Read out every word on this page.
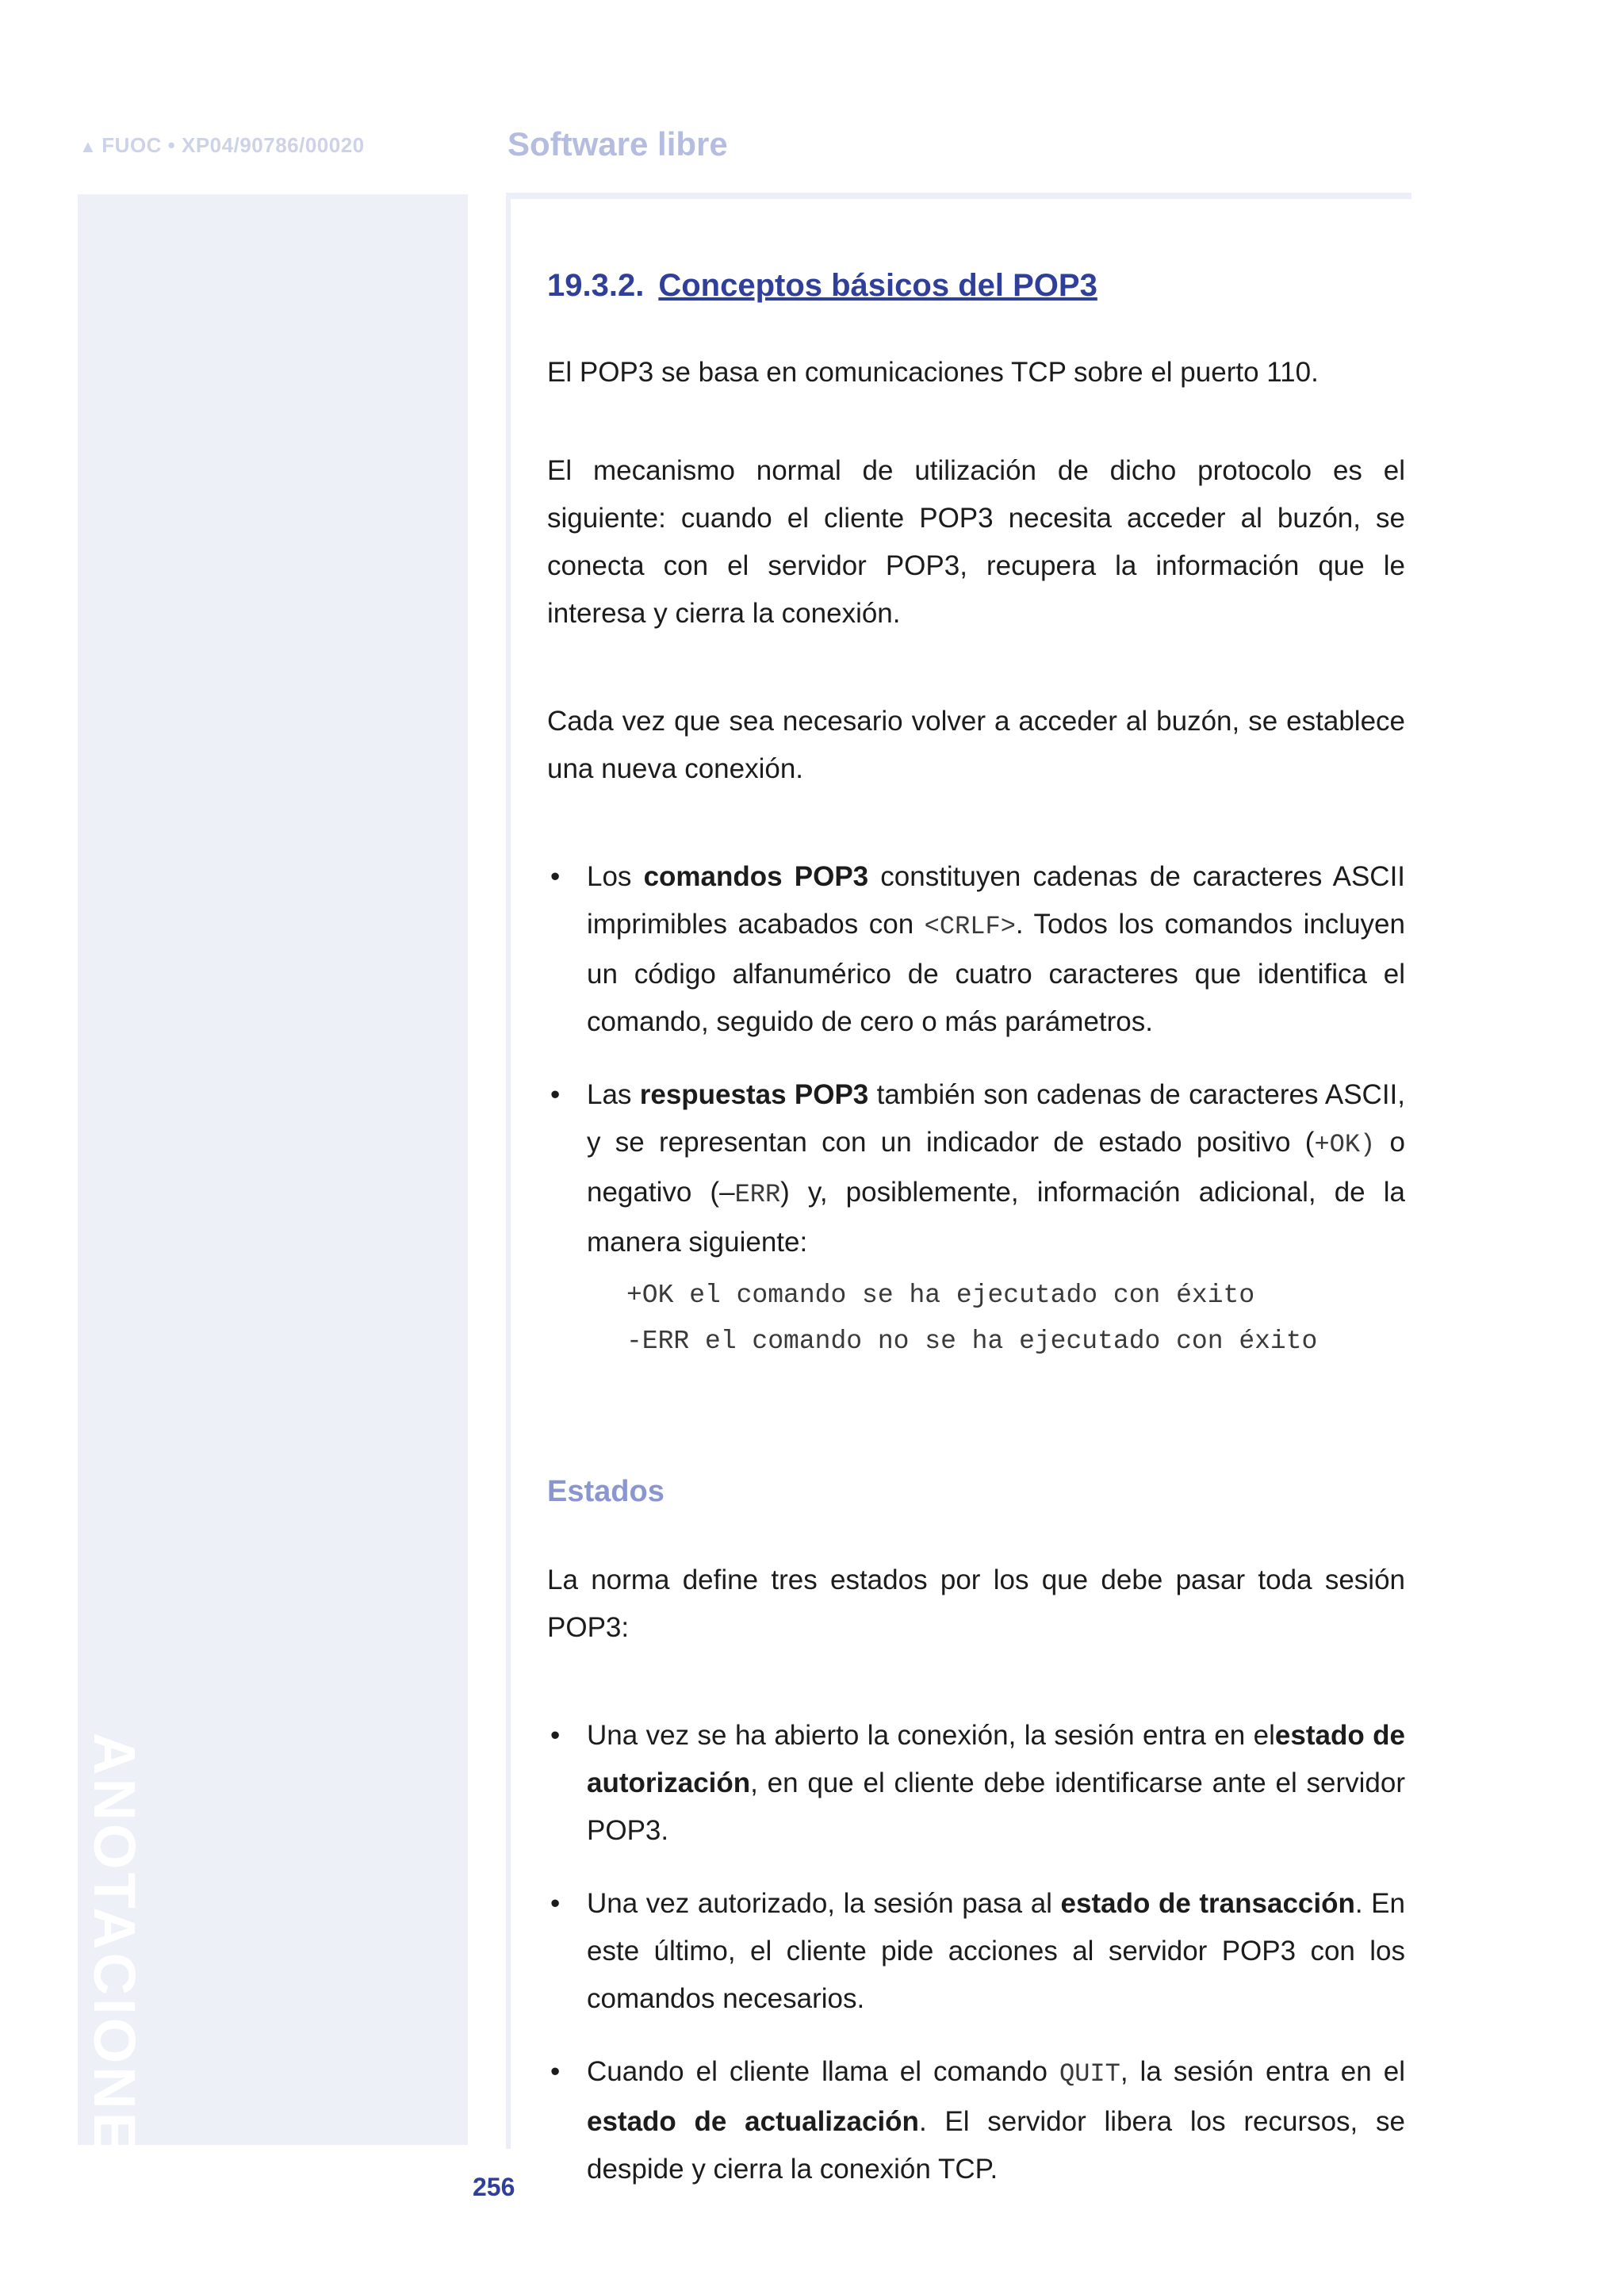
▲ FUOC • XP04/90786/00020	Software libre
ANOTACIONES
19.3.2. Conceptos básicos del POP3

El POP3 se basa en comunicaciones TCP sobre el puerto 110.

El mecanismo normal de utilización de dicho protocolo es el siguiente: cuando el cliente POP3 necesita acceder al buzón, se conecta con el servidor POP3, recupera la información que le interesa y cierra la conexión.

Cada vez que sea necesario volver a acceder al buzón, se establece una nueva conexión.

• Los comandos POP3 constituyen cadenas de caracteres ASCII imprimibles acabados con <CRLF>. Todos los comandos incluyen un código alfanumérico de cuatro caracteres que identifica el comando, seguido de cero o más parámetros.
• Las respuestas POP3 también son cadenas de caracteres ASCII, y se representan con un indicador de estado positivo (+OK) o negativo (–ERR) y, posiblemente, información adicional, de la manera siguiente:
+OK el comando se ha ejecutado con éxito
-ERR el comando no se ha ejecutado con éxito
Estados

La norma define tres estados por los que debe pasar toda sesión POP3:

• Una vez se ha abierto la conexión, la sesión entra en elestado de autorización, en que el cliente debe identificarse ante el servidor POP3.
• Una vez autorizado, la sesión pasa al estado de transacción. En este último, el cliente pide acciones al servidor POP3 con los comandos necesarios.
• Cuando el cliente llama el comando QUIT, la sesión entra en el estado de actualización. El servidor libera los recursos, se despide y cierra la conexión TCP.
256
